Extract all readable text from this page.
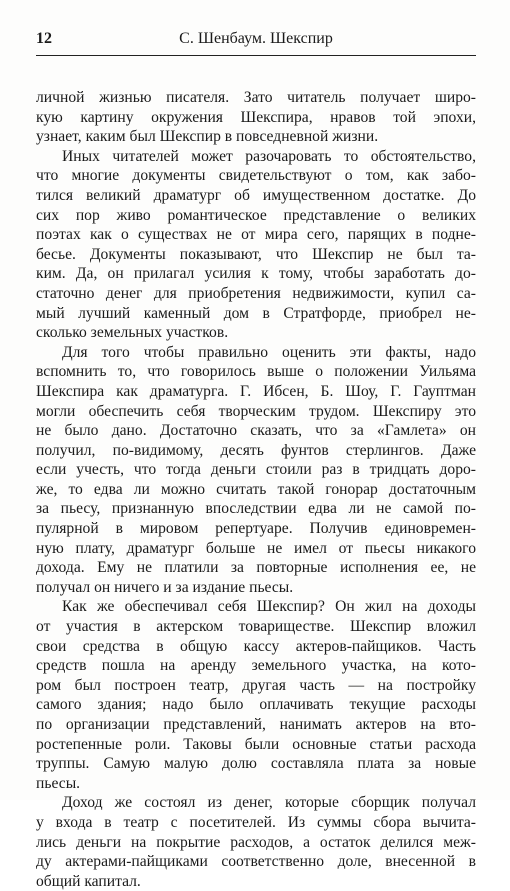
12	С. Шенбаум. Шекспир
личной жизнью писателя. Зато читатель получает широ-
кую картину окружения Шекспира, нравов той эпохи,
узнает, каким был Шекспир в повседневной жизни.
Иных читателей может разочаровать то обстоятельство,
что многие документы свидетельствуют о том, как забо-
тился великий драматург об имущественном достатке. До
сих пор живо романтическое представление о великих
поэтах как о существах не от мира сего, парящих в подне-
бесье. Документы показывают, что Шекспир не был та-
ким. Да, он прилагал усилия к тому, чтобы заработать до-
статочно денег для приобретения недвижимости, купил са-
мый лучший каменный дом в Стратфорде, приобрел не-
сколько земельных участков.
Для того чтобы правильно оценить эти факты, надо
вспомнить то, что говорилось выше о положении Уильяма
Шекспира как драматурга. Г. Ибсен, Б. Шоу, Г. Гауптман
могли обеспечить себя творческим трудом. Шекспиру это
не было дано. Достаточно сказать, что за «Гамлета» он
получил, по-видимому, десять фунтов стерлингов. Даже
если учесть, что тогда деньги стоили раз в тридцать доро-
же, то едва ли можно считать такой гонорар достаточным
за пьесу, признанную впоследствии едва ли не самой по-
пулярной в мировом репертуаре. Получив единовремен-
ную плату, драматург больше не имел от пьесы никакого
дохода. Ему не платили за повторные исполнения ее, не
получал он ничего и за издание пьесы.
Как же обеспечивал себя Шекспир? Он жил на доходы
от участия в актерском товариществе. Шекспир вложил
свои средства в общую кассу актеров-пайщиков. Часть
средств пошла на аренду земельного участка, на кото-
ром был построен театр, другая часть — на постройку
самого здания; надо было оплачивать текущие расходы
по организации представлений, нанимать актеров на вто-
ростепенные роли. Таковы были основные статьи расхода
труппы. Самую малую долю составляла плата за новые
пьесы.
Доход же состоял из денег, которые сборщик получал
у входа в театр с посетителей. Из суммы сбора вычита-
лись деньги на покрытие расходов, а остаток делился меж-
ду актерами-пайщиками соответственно доле, внесенной в
общий капитал.
